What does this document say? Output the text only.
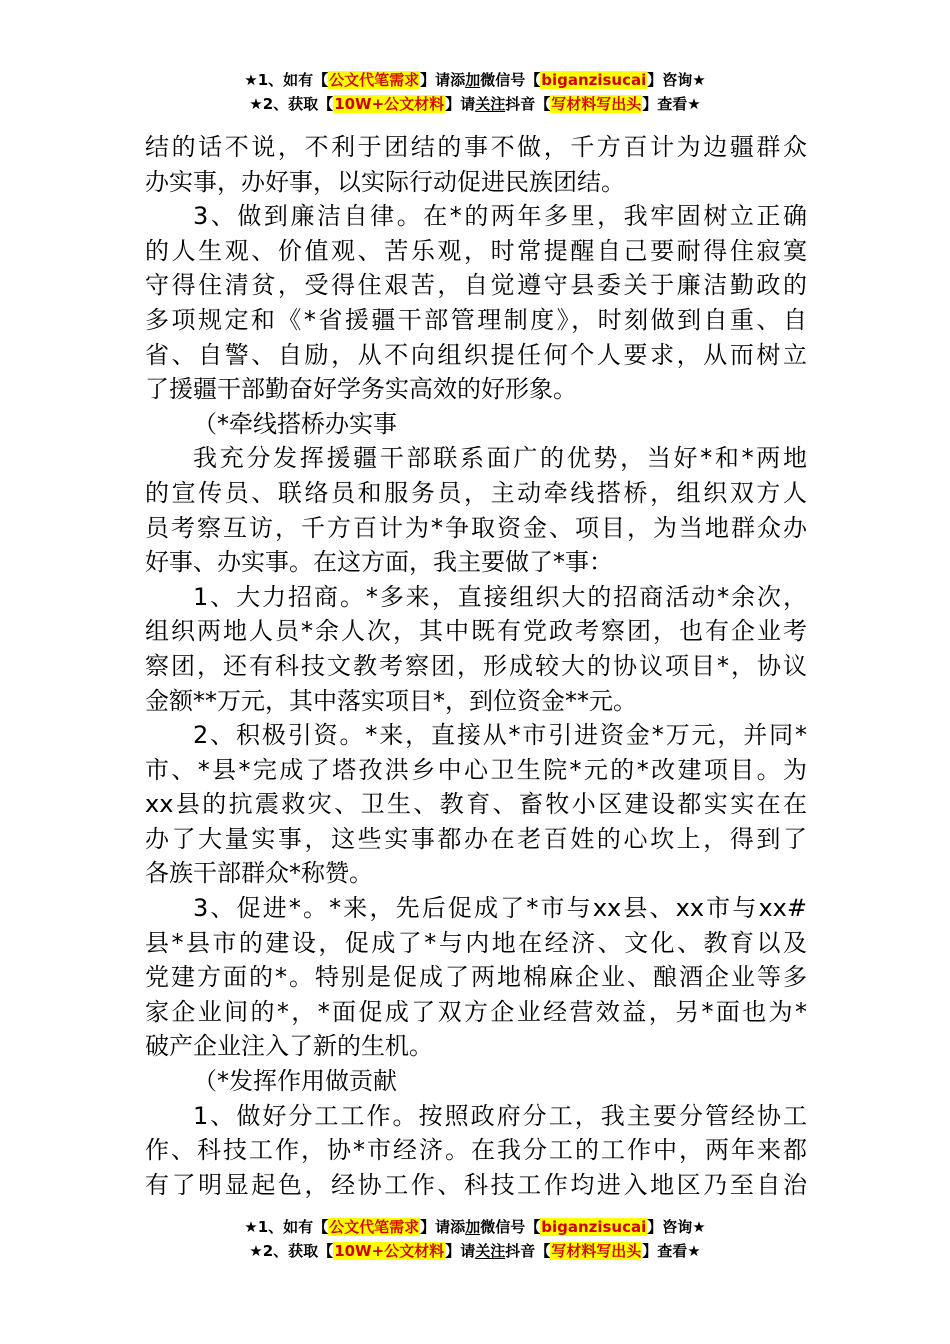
★1、如有【公文代笔需求】请添加微信号【biganzisucai】咨询★
★2、获取【10W+公文材料】请关注抖音【写材料写出头】查看★
结的话不说，不利于团结的事不做，千方百计为边疆群众
办实事，办好事，以实际行动促进民族团结。
3、做到廉洁自律。在*的两年多里，我牢固树立正确
的人生观、价值观、苦乐观，时常提醒自己要耐得住寂寞
守得住清贫，受得住艰苦，自觉遵守县委关于廉洁勤政的
多项规定和《*省援疆干部管理制度》，时刻做到自重、自
省、自警、自励，从不向组织提任何个人要求，从而树立
了援疆干部勤奋好学务实高效的好形象。
（*牵线搭桥办实事
我充分发挥援疆干部联系面广的优势，当好*和*两地
的宣传员、联络员和服务员，主动牵线搭桥，组织双方人
员考察互访，千方百计为*争取资金、项目，为当地群众办
好事、办实事。在这方面，我主要做了*事：
1、大力招商。*多来，直接组织大的招商活动*余次，
组织两地人员*余人次，其中既有党政考察团，也有企业考
察团，还有科技文教考察团，形成较大的协议项目*，协议
金额**万元，其中落实项目*，到位资金**元。
2、积极引资。*来，直接从*市引进资金*万元，并同*
市、*县*完成了塔孜洪乡中心卫生院*元的*改建项目。为
xx县的抗震救灾、卫生、教育、畜牧小区建设都实实在在
办了大量实事，这些实事都办在老百姓的心坎上，得到了
各族干部群众*称赞。
3、促进*。*来，先后促成了*市与xx县、xx市与xx#
县*县市的建设，促成了*与内地在经济、文化、教育以及
党建方面的*。特别是促成了两地棉麻企业、酿酒企业等多
家企业间的*，*面促成了双方企业经营效益，另*面也为*
破产企业注入了新的生机。
（*发挥作用做贡献
1、做好分工工作。按照政府分工，我主要分管经协工
作、科技工作，协*市经济。在我分工的工作中，两年来都
有了明显起色，经协工作、科技工作均进入地区乃至自治
★1、如有【公文代笔需求】请添加微信号【biganzisucai】咨询★
★2、获取【10W+公文材料】请关注抖音【写材料写出头】查看★
